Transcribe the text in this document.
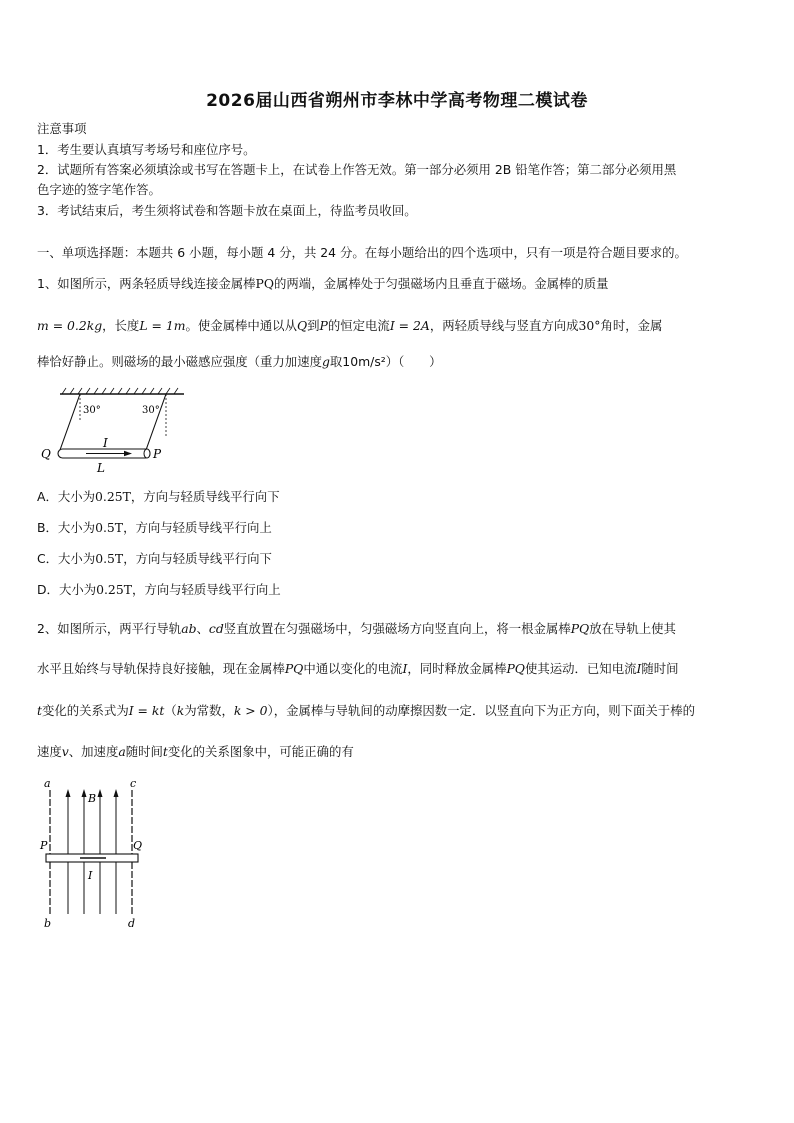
2026届山西省朔州市李林中学高考物理二模试卷
注意事项
1．考生要认真填写考场号和座位序号。
2．试题所有答案必须填涂或书写在答题卡上，在试卷上作答无效。第一部分必须用 2B 铅笔作答；第二部分必须用黑
色字迹的签字笔作答。
3．考试结束后，考生须将试卷和答题卡放在桌面上，待监考员收回。
一、单项选择题：本题共 6 小题，每小题 4 分，共 24 分。在每小题给出的四个选项中，只有一项是符合题目要求的。
1、如图所示，两条轻质导线连接金属棒PQ的两端，金属棒处于匀强磁场内且垂直于磁场。金属棒的质量
m = 0.2kg，长度L = 1m。使金属棒中通以从Q到P的恒定电流I = 2A，两轻质导线与竖直方向成30°角时，金属
棒恰好静止。则磁场的最小磁感应强度（重力加速度g取10m/s²）（　　）
30°	30°
Q	P
I
L
A．大小为0.25T，方向与轻质导线平行向下
B．大小为0.5T，方向与轻质导线平行向上
C．大小为0.5T，方向与轻质导线平行向下
D．大小为0.25T，方向与轻质导线平行向上
2、如图所示，两平行导轨ab、cd竖直放置在匀强磁场中，匀强磁场方向竖直向上，将一根金属棒PQ放在导轨上使其
水平且始终与导轨保持良好接触，现在金属棒PQ中通以变化的电流I，同时释放金属棒PQ使其运动．已知电流I随时间
t变化的关系式为I = kt（k为常数，k > 0），金属棒与导轨间的动摩擦因数一定．以竖直向下为正方向，则下面关于棒的
速度v、加速度a随时间t变化的关系图象中，可能正确的有
a	c
b	d
P	Q
B
I
